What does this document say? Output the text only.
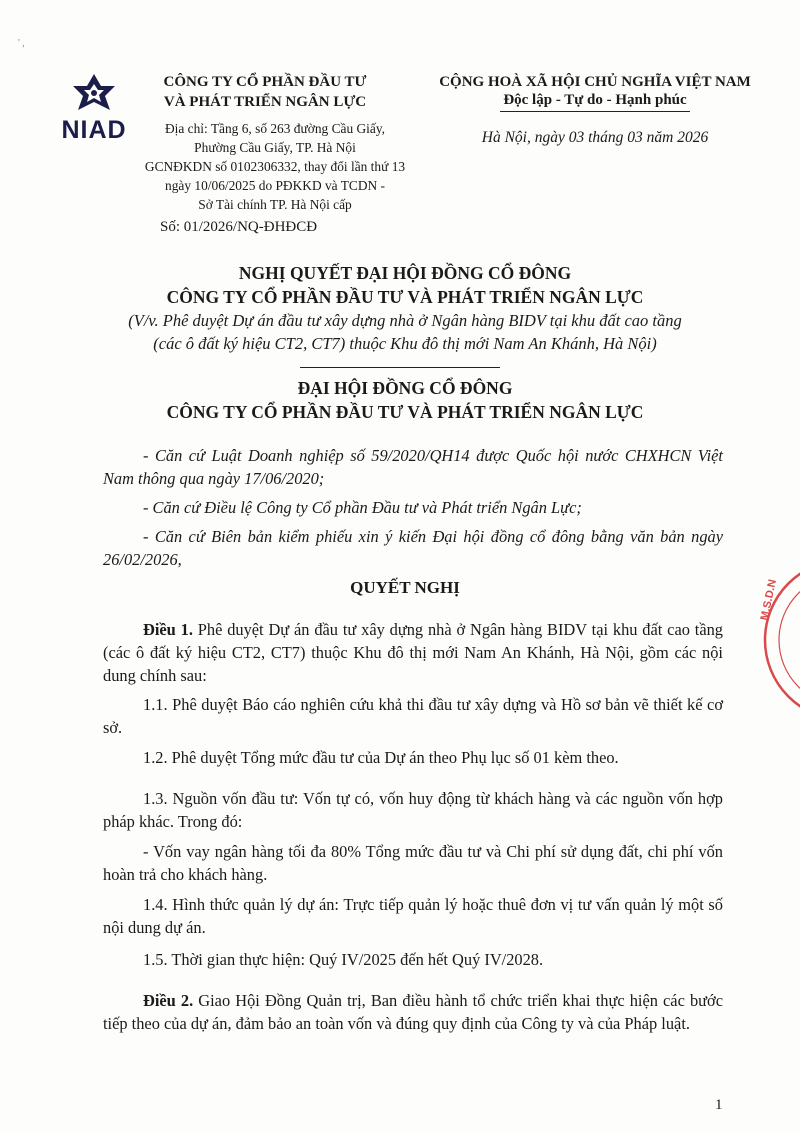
' ,
NIAD
CÔNG TY CỔ PHẦN ĐẦU TƯ
VÀ PHÁT TRIỂN NGÂN LỰC
Địa chỉ: Tầng 6, số 263 đường Cầu Giấy,
Phường Cầu Giấy, TP. Hà Nội
GCNĐKDN số 0102306332, thay đổi lần thứ 13
ngày 10/06/2025 do PĐKKD và TCDN -
Sở Tài chính TP. Hà Nội cấp
Số: 01/2026/NQ-ĐHĐCĐ
CỘNG HOÀ XÃ HỘI CHỦ NGHĨA VIỆT NAM
Độc lập - Tự do - Hạnh phúc
Hà Nội, ngày 03 tháng 03 năm 2026
NGHỊ QUYẾT ĐẠI HỘI ĐỒNG CỔ ĐÔNG
CÔNG TY CỔ PHẦN ĐẦU TƯ VÀ PHÁT TRIỂN NGÂN LỰC
(V/v. Phê duyệt Dự án đầu tư xây dựng nhà ở Ngân hàng BIDV tại khu đất cao tầng
(các ô đất ký hiệu CT2, CT7) thuộc Khu đô thị mới Nam An Khánh, Hà Nội)
ĐẠI HỘI ĐỒNG CỔ ĐÔNG
CÔNG TY CỔ PHẦN ĐẦU TƯ VÀ PHÁT TRIỂN NGÂN LỰC

- Căn cứ Luật Doanh nghiệp số 59/2020/QH14 được Quốc hội nước CHXHCN Việt Nam thông qua ngày 17/06/2020;

- Căn cứ Điều lệ Công ty Cổ phần Đầu tư và Phát triển Ngân Lực;

- Căn cứ Biên bản kiểm phiếu xin ý kiến Đại hội đồng cổ đông bằng văn bản ngày 26/02/2026,

QUYẾT NGHỊ

Điều 1. Phê duyệt Dự án đầu tư xây dựng nhà ở Ngân hàng BIDV tại khu đất cao tầng (các ô đất ký hiệu CT2, CT7) thuộc Khu đô thị mới Nam An Khánh, Hà Nội, gồm các nội dung chính sau:

1.1. Phê duyệt Báo cáo nghiên cứu khả thi đầu tư xây dựng và Hồ sơ bản vẽ thiết kế cơ sở.

1.2. Phê duyệt Tổng mức đầu tư của Dự án theo Phụ lục số 01 kèm theo.

1.3. Nguồn vốn đầu tư: Vốn tự có, vốn huy động từ khách hàng và các nguồn vốn hợp pháp khác. Trong đó:

- Vốn vay ngân hàng tối đa 80% Tổng mức đầu tư và Chi phí sử dụng đất, chi phí vốn hoàn trả cho khách hàng.

1.4. Hình thức quản lý dự án: Trực tiếp quản lý hoặc thuê đơn vị tư vấn quản lý một số nội dung dự án.

1.5. Thời gian thực hiện: Quý IV/2025 đến hết Quý IV/2028.

Điều 2. Giao Hội Đồng Quản trị, Ban điều hành tổ chức triển khai thực hiện các bước tiếp theo của dự án, đảm bảo an toàn vốn và đúng quy định của Công ty và của Pháp luật.

M.S.D.N
1
